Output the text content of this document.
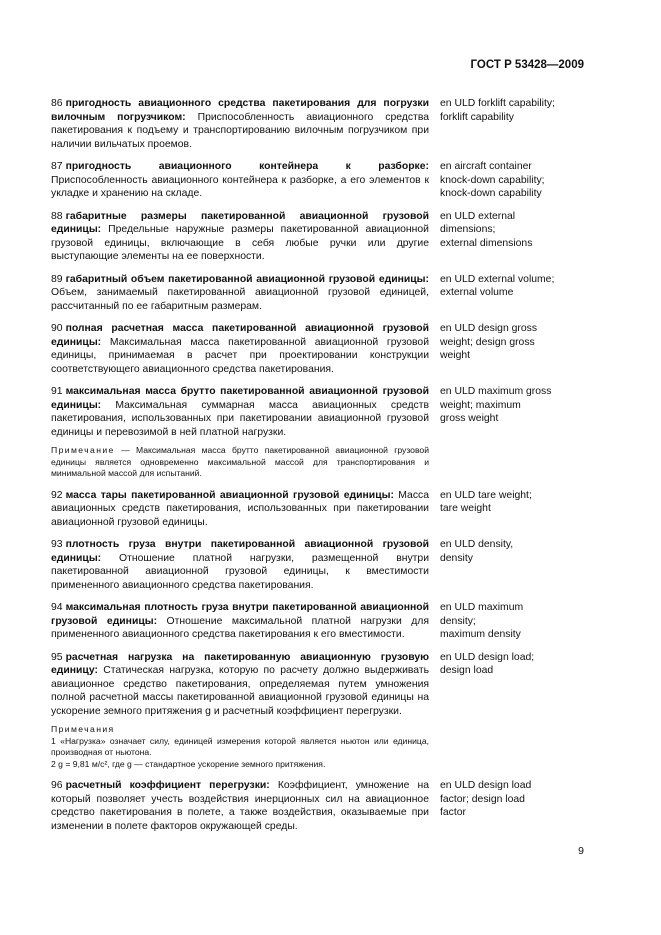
ГОСТ Р 53428—2009
86 пригодность авиационного средства пакетирования для погрузки вилочным погрузчиком: Приспособленность авиационного средства пакетирования к подъему и транспортированию вилочным погрузчиком при наличии вильчатых проемов.
en ULD forklift capability;
forklift capability
87 пригодность авиационного контейнера к разборке: Приспособленность авиационного контейнера к разборке, а его элементов к укладке и хранению на складе.
en aircraft container
knock-down capability;
knock-down capability
88 габаритные размеры пакетированной авиационной грузовой единицы: Предельные наружные размеры пакетированной авиационной грузовой единицы, включающие в себя любые ручки или другие выступающие элементы на ее поверхности.
en ULD external
dimensions;
external dimensions
89 габаритный объем пакетированной авиационной грузовой единицы: Объем, занимаемый пакетированной авиационной грузовой единицей, рассчитанный по ее габаритным размерам.
en ULD external volume;
external volume
90 полная расчетная масса пакетированной авиационной грузовой единицы: Максимальная масса пакетированной авиационной грузовой единицы, принимаемая в расчет при проектировании конструкции соответствующего авиационного средства пакетирования.
en ULD design gross
weight; design gross
weight
91 максимальная масса брутто пакетированной авиационной грузовой единицы: Максимальная суммарная масса авиационных средств пакетирования, использованных при пакетировании авиационной грузовой единицы и перевозимой в ней платной нагрузки.
Примечание — Максимальная масса брутто пакетированной авиационной грузовой единицы является одновременно максимальной массой для транспортирования и минимальной массой для испытаний.
en ULD maximum gross
weight; maximum
gross weight
92 масса тары пакетированной авиационной грузовой единицы: Масса авиационных средств пакетирования, использованных при пакетировании авиационной грузовой единицы.
en ULD tare weight;
tare weight
93 плотность груза внутри пакетированной авиационной грузовой единицы: Отношение платной нагрузки, размещенной внутри пакетированной авиационной грузовой единицы, к вместимости примененного авиационного средства пакетирования.
en ULD density,
density
94 максимальная плотность груза внутри пакетированной авиационной грузовой единицы: Отношение максимальной платной нагрузки для примененного авиационного средства пакетирования к его вместимости.
en ULD maximum
density;
maximum density
95 расчетная нагрузка на пакетированную авиационную грузовую единицу: Статическая нагрузка, которую по расчету должно выдерживать авиационное средство пакетирования, определяемая путем умножения полной расчетной массы пакетированной авиационной грузовой единицы на ускорение земного притяжения g и расчетный коэффициент перегрузки.

Примечания

1 «Нагрузка» означает силу, единицей измерения которой является ньютон или единица, производная от ньютона.

2 g = 9,81 м/с², где g — стандартное ускорение земного притяжения.

en ULD design load;
design load
96 расчетный коэффициент перегрузки: Коэффициент, умножение на который позволяет учесть воздействия инерционных сил на авиационное средство пакетирования в полете, а также воздействия, оказываемые при изменении в полете факторов окружающей среды.
en ULD design load
factor; design load
factor
9
